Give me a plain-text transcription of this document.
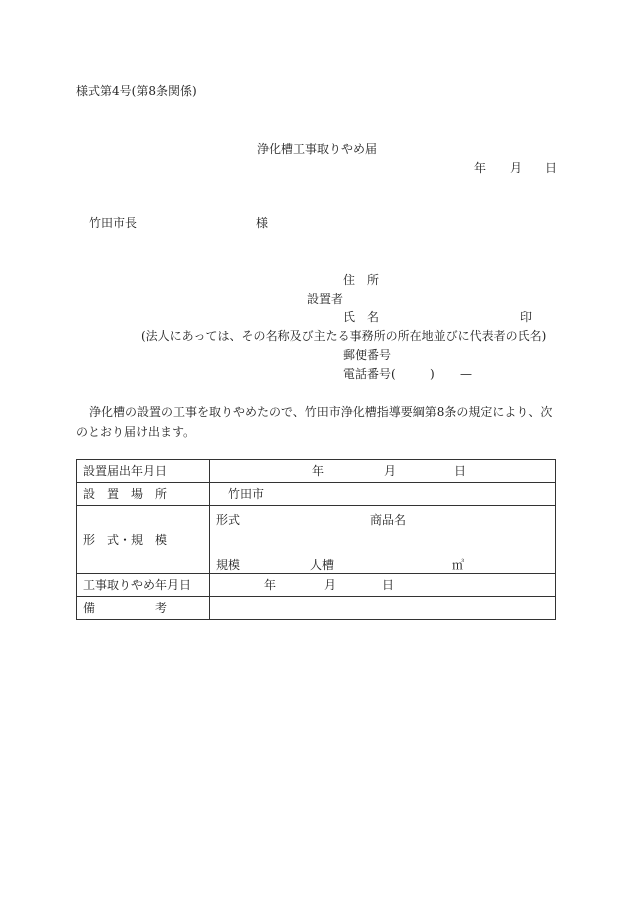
様式第4号(第8条関係)
浄化槽工事取りやめ届
年 月 日
竹田市長	様
住　所
設置者
氏　名	印
(法人にあっては、その名称及び主たる事務所の所在地並びに代表者の氏名)
郵便番号
電話番号(	) —
浄化槽の設置の工事を取りやめたので、竹田市浄化槽指導要綱第8条の規定により、次
のとおり届け出ます。
設置届出年月日	年 月 日

設　置　場　所	竹田市

形　式・規　模	形式 商品名
規模 人槽 ㎥

工事取りやめ年月日	年 月 日

備　　　　　考	
